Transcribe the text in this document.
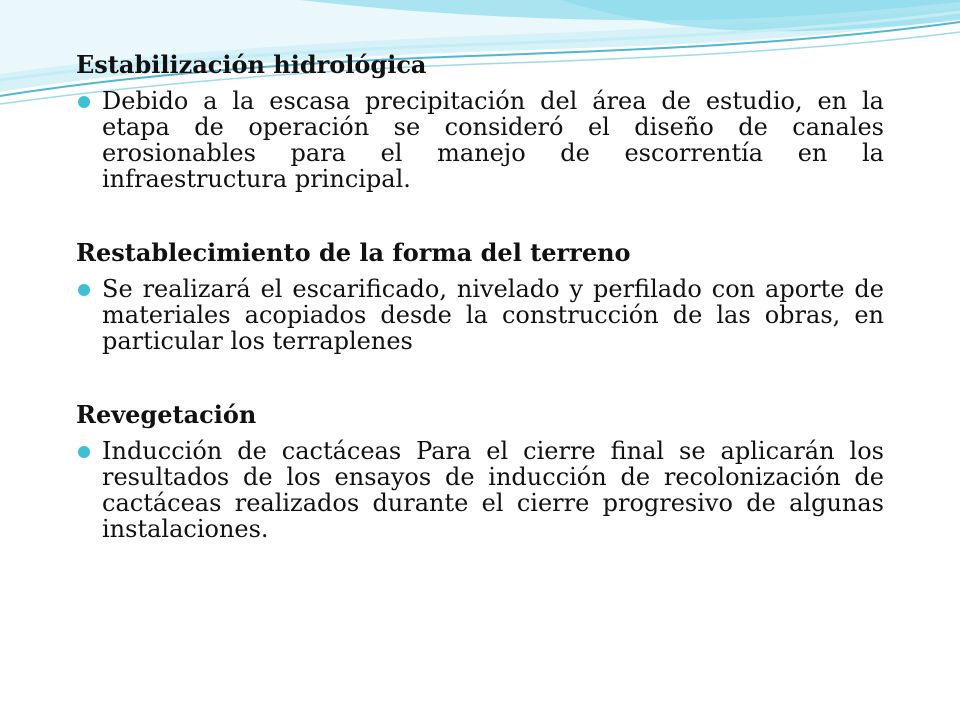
Estabilización hidrológica

Debido a la escasa precipitación del área de estudio, en la etapa de operación se consideró el diseño de canales erosionables para el manejo de escorrentía en la infraestructura principal.

Restablecimiento de la forma del terreno

Se realizará el escarificado, nivelado y perfilado con aporte de materiales acopiados desde la construcción de las obras, en particular los terraplenes

Revegetación

Inducción de cactáceas Para el cierre final se aplicarán los resultados de los ensayos de inducción de recolonización de cactáceas realizados durante el cierre progresivo de algunas instalaciones.
